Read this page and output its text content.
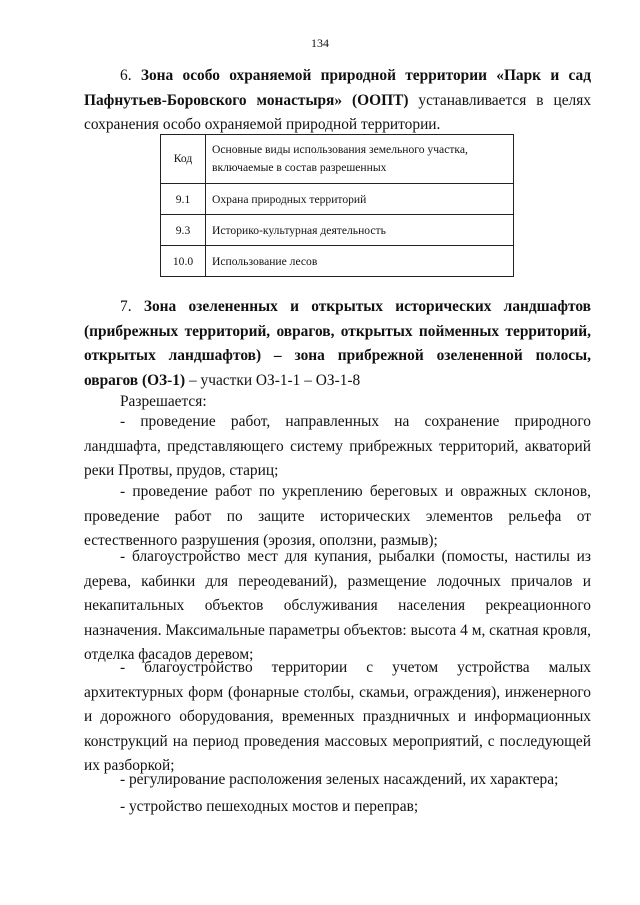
134
6. Зона особо охраняемой природной территории «Парк и сад Пафнутьев-Боровского монастыря» (ООПТ) устанавливается в целях сохранения особо охраняемой природной территории.
Код	Основные виды использования земельного участка, включаемые в состав разрешенных
9.1	Охрана природных территорий
9.3	Историко-культурная деятельность
10.0	Использование лесов
7. Зона озелененных и открытых исторических ландшафтов (прибрежных территорий, оврагов, открытых пойменных территорий, открытых ландшафтов) – зона прибрежной озелененной полосы, оврагов (ОЗ-1) – участки ОЗ-1-1 – ОЗ-1-8
Разрешается:
- проведение работ, направленных на сохранение природного ландшафта, представляющего систему прибрежных территорий, акваторий реки Протвы, прудов, стариц;
- проведение работ по укреплению береговых и овражных склонов, проведение работ по защите исторических элементов рельефа от естественного разрушения (эрозия, оползни, размыв);
- благоустройство мест для купания, рыбалки (помосты, настилы из дерева, кабинки для переодеваний), размещение лодочных причалов и некапитальных объектов обслуживания населения рекреационного назначения. Максимальные параметры объектов: высота 4 м, скатная кровля, отделка фасадов деревом;
- благоустройство территории с учетом устройства малых архитектурных форм (фонарные столбы, скамьи, ограждения), инженерного и дорожного оборудования, временных праздничных и информационных конструкций на период проведения массовых мероприятий, с последующей их разборкой;
- регулирование расположения зеленых насаждений, их характера;
- устройство пешеходных мостов и переправ;
